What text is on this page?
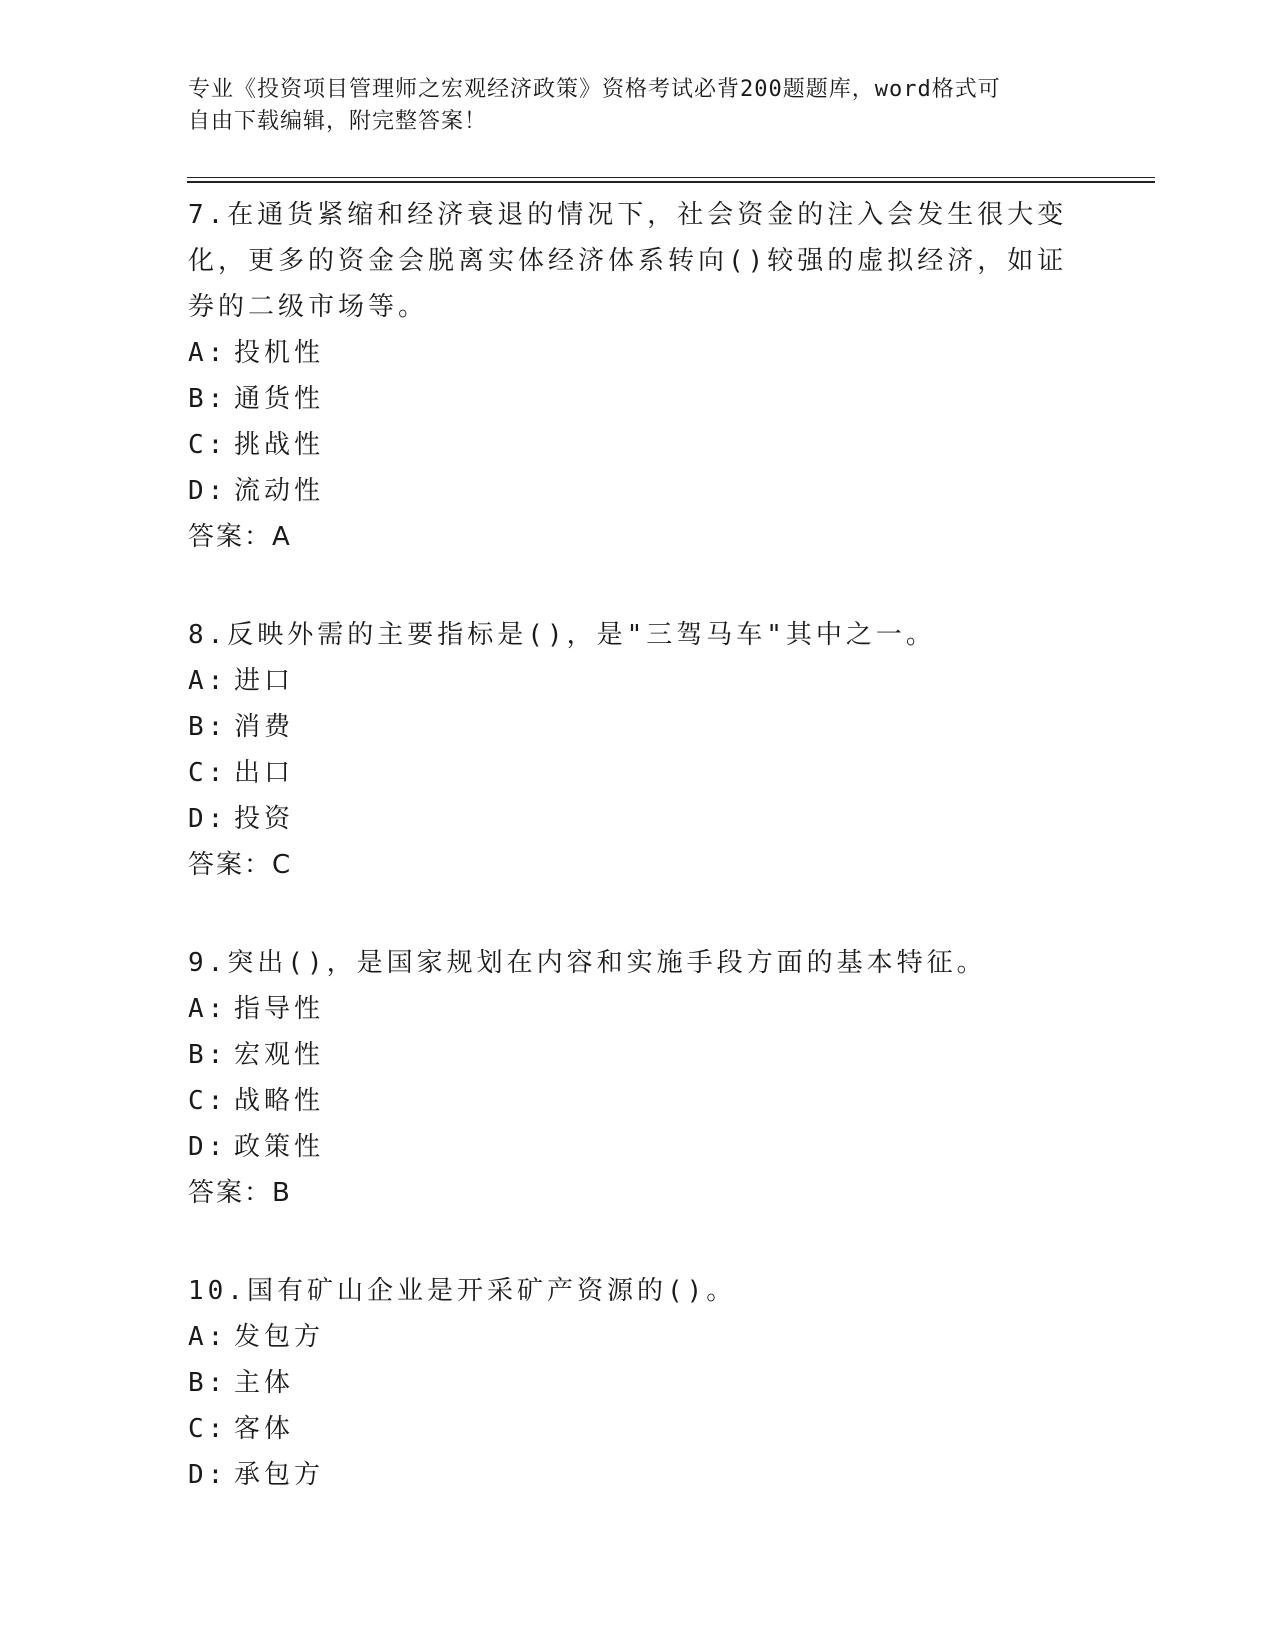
专业《投资项目管理师之宏观经济政策》资格考试必背200题题库，word格式可
自由下载编辑，附完整答案！

7.在通货紧缩和经济衰退的情况下，社会资金的注入会发生很大变化，更多的资金会脱离实体经济体系转向()较强的虚拟经济，如证券的二级市场等。

A: 投机性

B: 通货性

C: 挑战性

D: 流动性

答案：A

8.反映外需的主要指标是()，是"三驾马车"其中之一。

A: 进口

B: 消费

C: 出口

D: 投资

答案：C

9.突出()，是国家规划在内容和实施手段方面的基本特征。

A: 指导性

B: 宏观性

C: 战略性

D: 政策性

答案：B

10.国有矿山企业是开采矿产资源的()。

A: 发包方

B: 主体

C: 客体

D: 承包方
